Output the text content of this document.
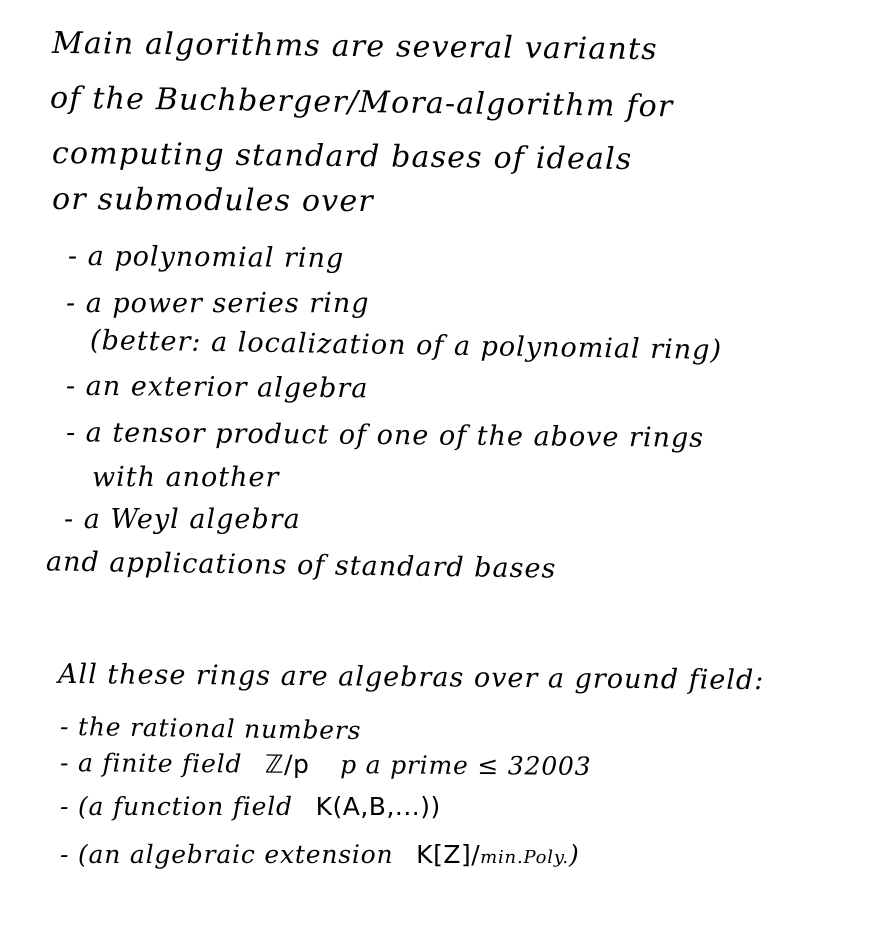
Main algorithms are several variants
of the Buchberger/Mora-algorithm for
computing standard bases of ideals
or submodules over
- a polynomial ring
- a power series ring
(better: a localization of a polynomial ring)
- an exterior algebra
- a tensor product of one of the above rings
with another
- a Weyl algebra
and applications of standard bases
All these rings are algebras over a ground field:
- the rational numbers
- a finite field ℤ/p p a prime ≤ 32003
- (a function field K(A,B,...))
- (an algebraic extension K[Z]/min.Poly.)
